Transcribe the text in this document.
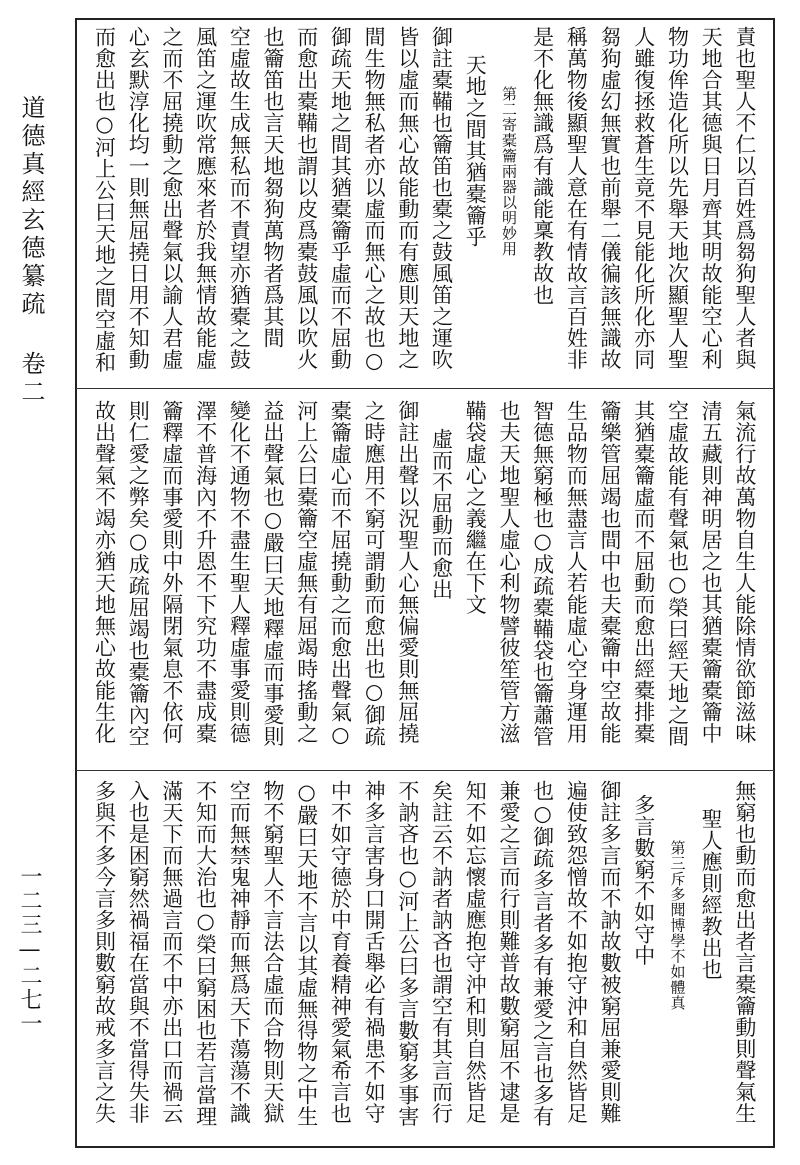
道德真經玄德纂疏 卷二
一二三—二七一
責也聖人不仁以百姓爲芻狗聖人者與
天地合其德與日月齊其明故能空心利
物功侔造化所以先舉天地次顯聖人聖
人雖復拯救蒼生竟不見能化所化亦同
芻狗虛幻無實也前舉二儀徧該無識故
稱萬物後顯聖人意在有情故言百姓非
是不化無識爲有識能稟教故也
第二寄橐籥兩器以明妙用
天地之間其猶橐籥乎
御註橐鞴也籥笛也橐之鼓風笛之運吹
皆以虛而無心故能動而有應則天地之
間生物無私者亦以虛而無心之故也○
御疏天地之間其猶橐籥乎虛而不屈動
而愈出橐鞴也謂以皮爲橐鼓風以吹火
也籥笛也言天地芻狗萬物者爲其間
空虛故生成無私而不責望亦猶橐之鼓
風笛之運吹常應來者於我無情故能虛
之而不屈撓動之愈出聲氣以諭人君虛
心玄默淳化均一則無屈撓日用不知動
而愈出也○河上公曰天地之間空虛和
氣流行故萬物自生人能除情欲節滋味
清五藏則神明居之也其猶橐籥橐籥中
空虛故能有聲氣也○榮曰經天地之間
其猶橐籥虛而不屈動而愈出經橐排橐
籥樂管屈竭也間中也夫橐籥中空故能
生品物而無盡言人若能虛心空身運用
智德無窮極也○成疏橐鞴袋也籥蕭管
也夫天地聖人虛心利物譬彼笙管方滋
鞴袋虛心之義繼在下文
虛而不屈動而愈出
御註出聲以況聖人心無偏愛則無屈撓
之時應用不窮可謂動而愈出也○御疏
橐籥虛心而不屈撓動之而愈出聲氣○
河上公曰橐籥空虛無有屈竭時搖動之
益出聲氣也○嚴曰天地釋虛而事愛則
變化不通物不盡生聖人釋虛事愛則德
澤不普海內不升恩不下究功不盡成橐
籥釋虛而事愛則中外隔閉氣息不依何
則仁愛之弊矣○成疏屈竭也橐籥內空
故出聲氣不竭亦猶天地無心故能生化
無窮也動而愈出者言橐籥動則聲氣生
聖人應則經教出也
第三斥多聞博學不如體真
多言數窮不如守中
御註多言而不訥故數被窮屈兼愛則難
遍使致怨憎故不如抱守沖和自然皆足
也○御疏多言者多有兼愛之言也多有
兼愛之言而行則難普故數窮屈不逮是
知不如忘懷虛應抱守沖和則自然皆足
矣註云不訥者訥吝也謂空有其言而行
不訥吝也○河上公曰多言數窮多事害
神多言害身口開舌舉必有禍患不如守
中不如守德於中育養精神愛氣希言也
○嚴曰天地不言以其虛無得物之中生
物不窮聖人不言法合虛而合物則天獄
空而無禁鬼神靜而無爲天下蕩蕩不識
不知而大治也○榮曰窮困也若言當理
滿天下而無過言而不中亦出口而禍云
入也是困窮然禍福在當與不當得失非
多與不多今言多則數窮故戒多言之失
